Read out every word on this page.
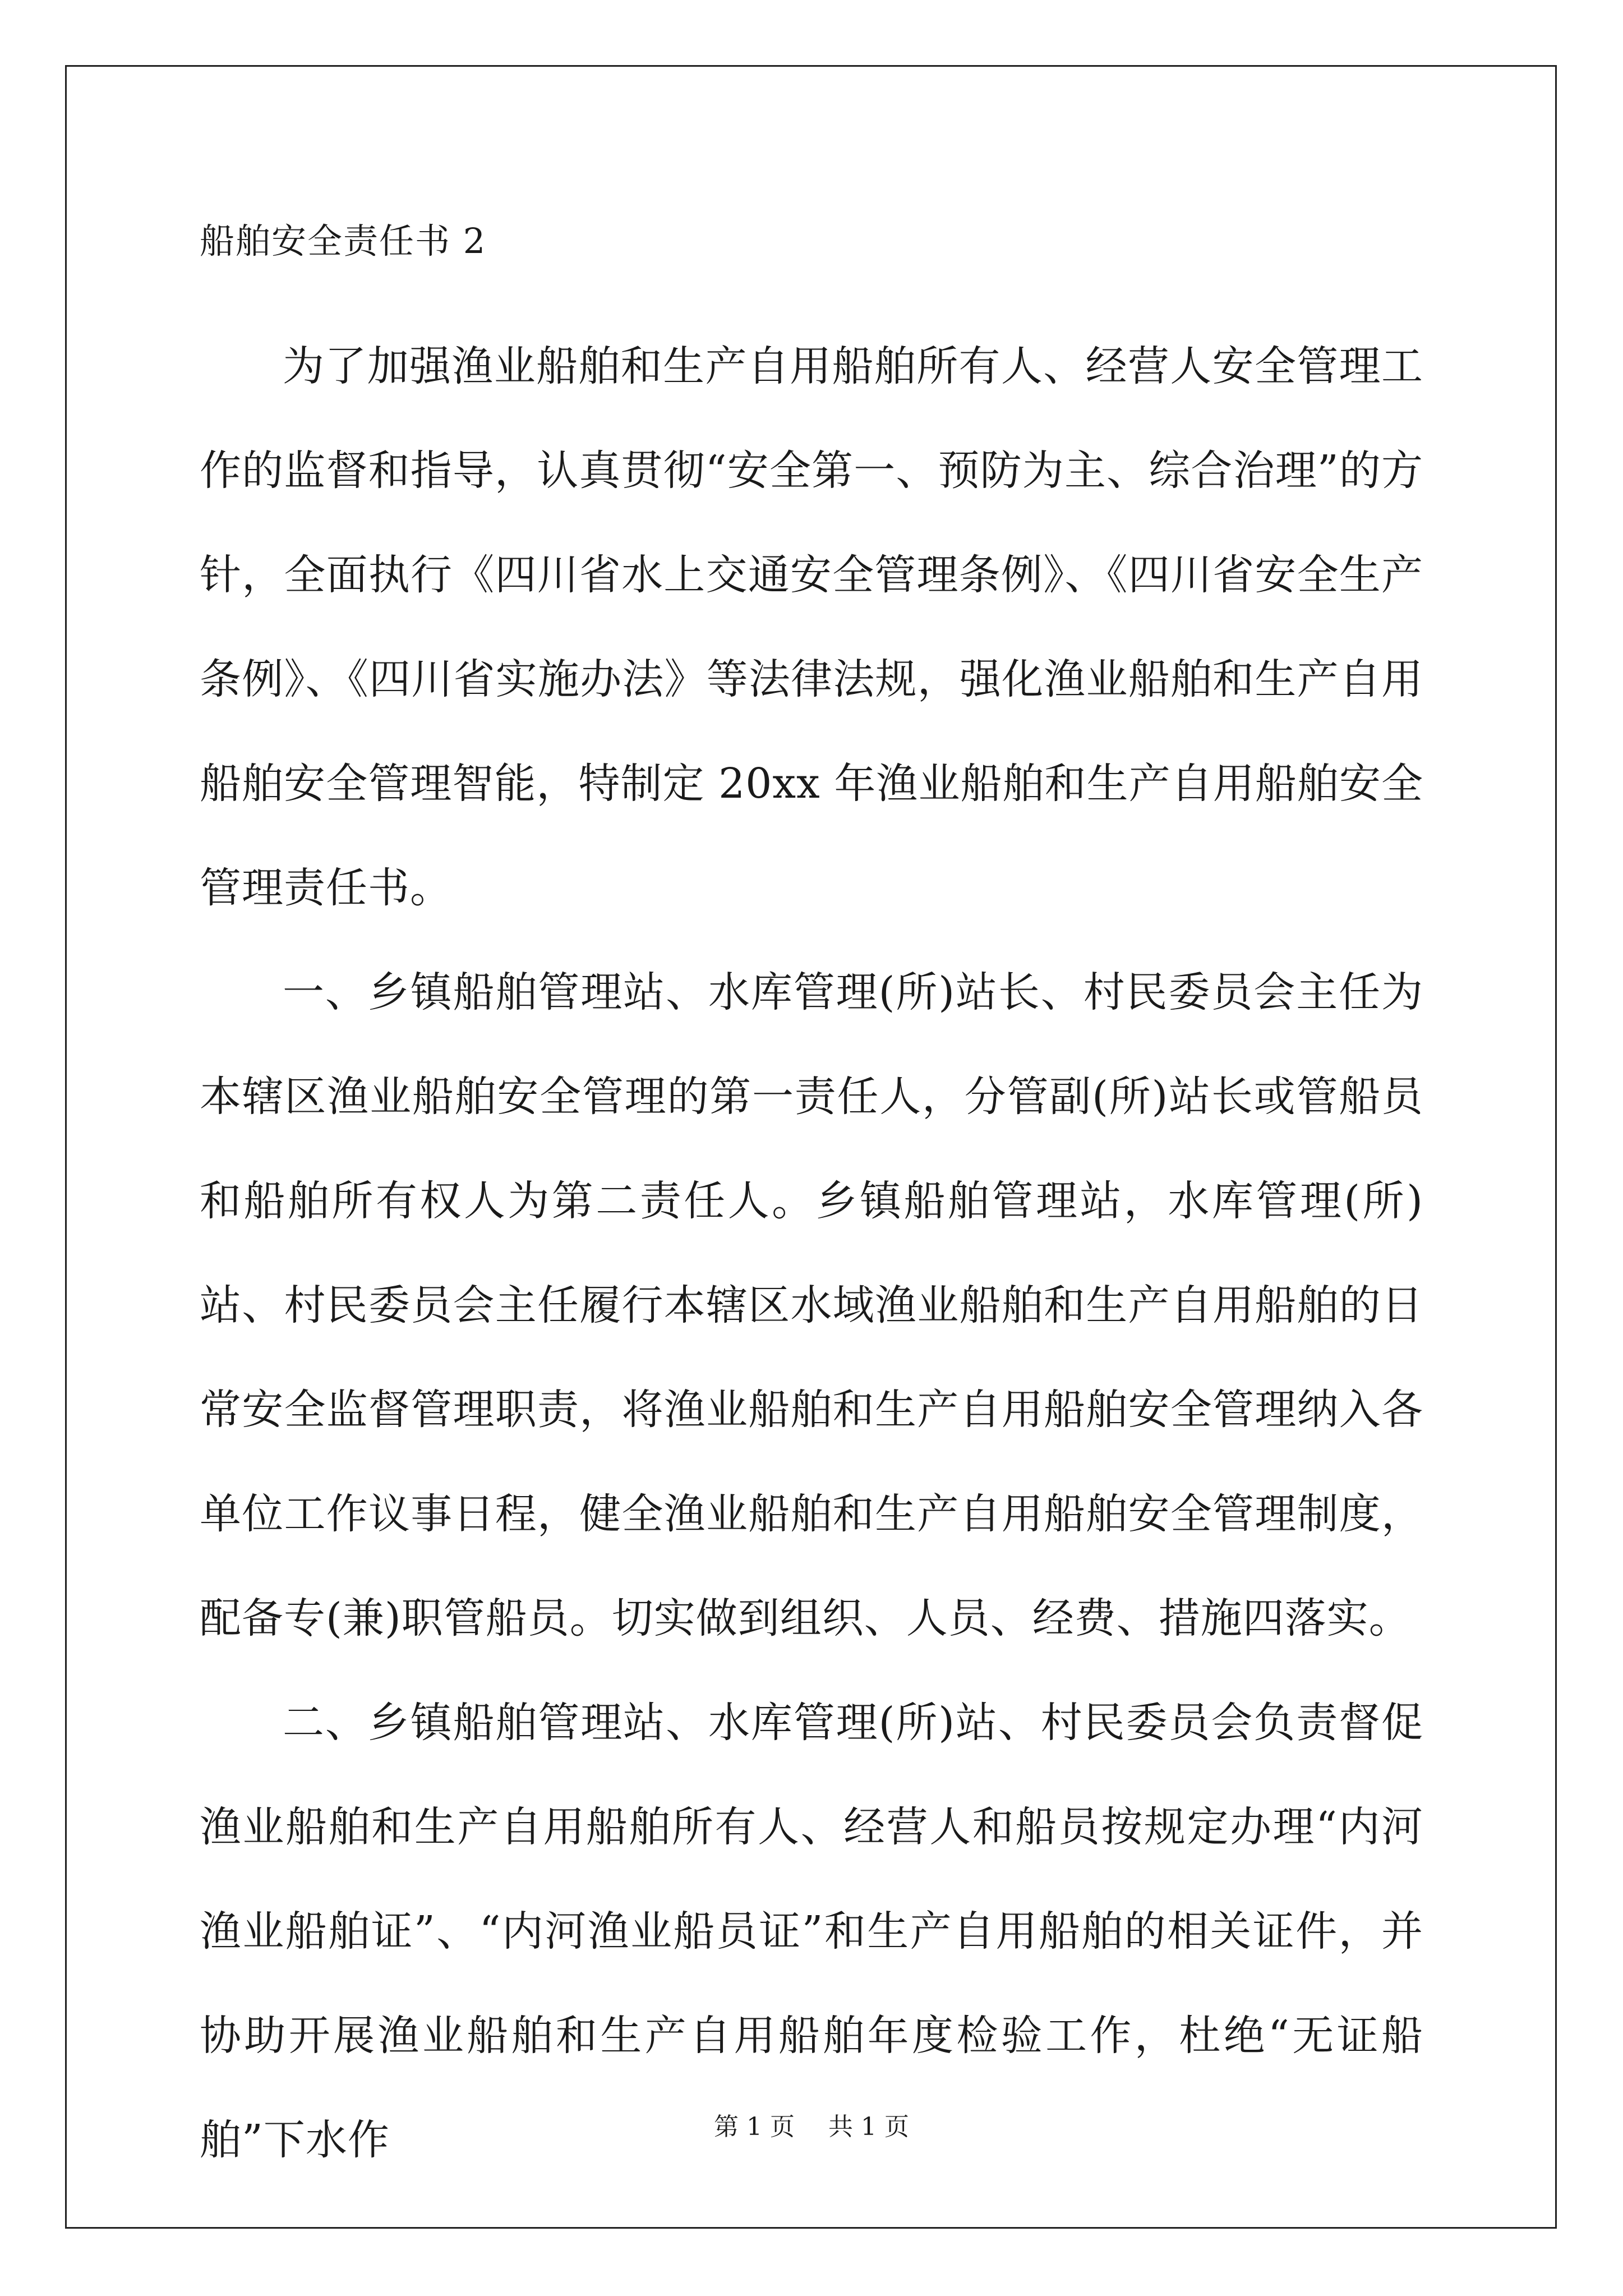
船舶安全责任书 2

为了加强渔业船舶和生产自用船舶所有人、经营人安全管理工作的监督和指导，认真贯彻“安全第一、预防为主、综合治理”的方针，全面执行《四川省水上交通安全管理条例》、《四川省安全生产条例》、《四川省实施办法》等法律法规，强化渔业船舶和生产自用船舶安全管理智能，特制定 20xx 年渔业船舶和生产自用船舶安全管理责任书。

一、乡镇船舶管理站、水库管理(所)站长、村民委员会主任为本辖区渔业船舶安全管理的第一责任人，分管副(所)站长或管船员和船舶所有权人为第二责任人。乡镇船舶管理站，水库管理(所)站、村民委员会主任履行本辖区水域渔业船舶和生产自用船舶的日常安全监督管理职责，将渔业船舶和生产自用船舶安全管理纳入各单位工作议事日程，健全渔业船舶和生产自用船舶安全管理制度，配备专(兼)职管船员。切实做到组织、人员、经费、措施四落实。

二、乡镇船舶管理站、水库管理(所)站、村民委员会负责督促渔业船舶和生产自用船舶所有人、经营人和船员按规定办理“内河渔业船舶证”、“内河渔业船员证”和生产自用船舶的相关证件，并协助开展渔业船舶和生产自用船舶年度检验工作，杜绝“无证船舶”下水作	第 1 页 共 1 页
